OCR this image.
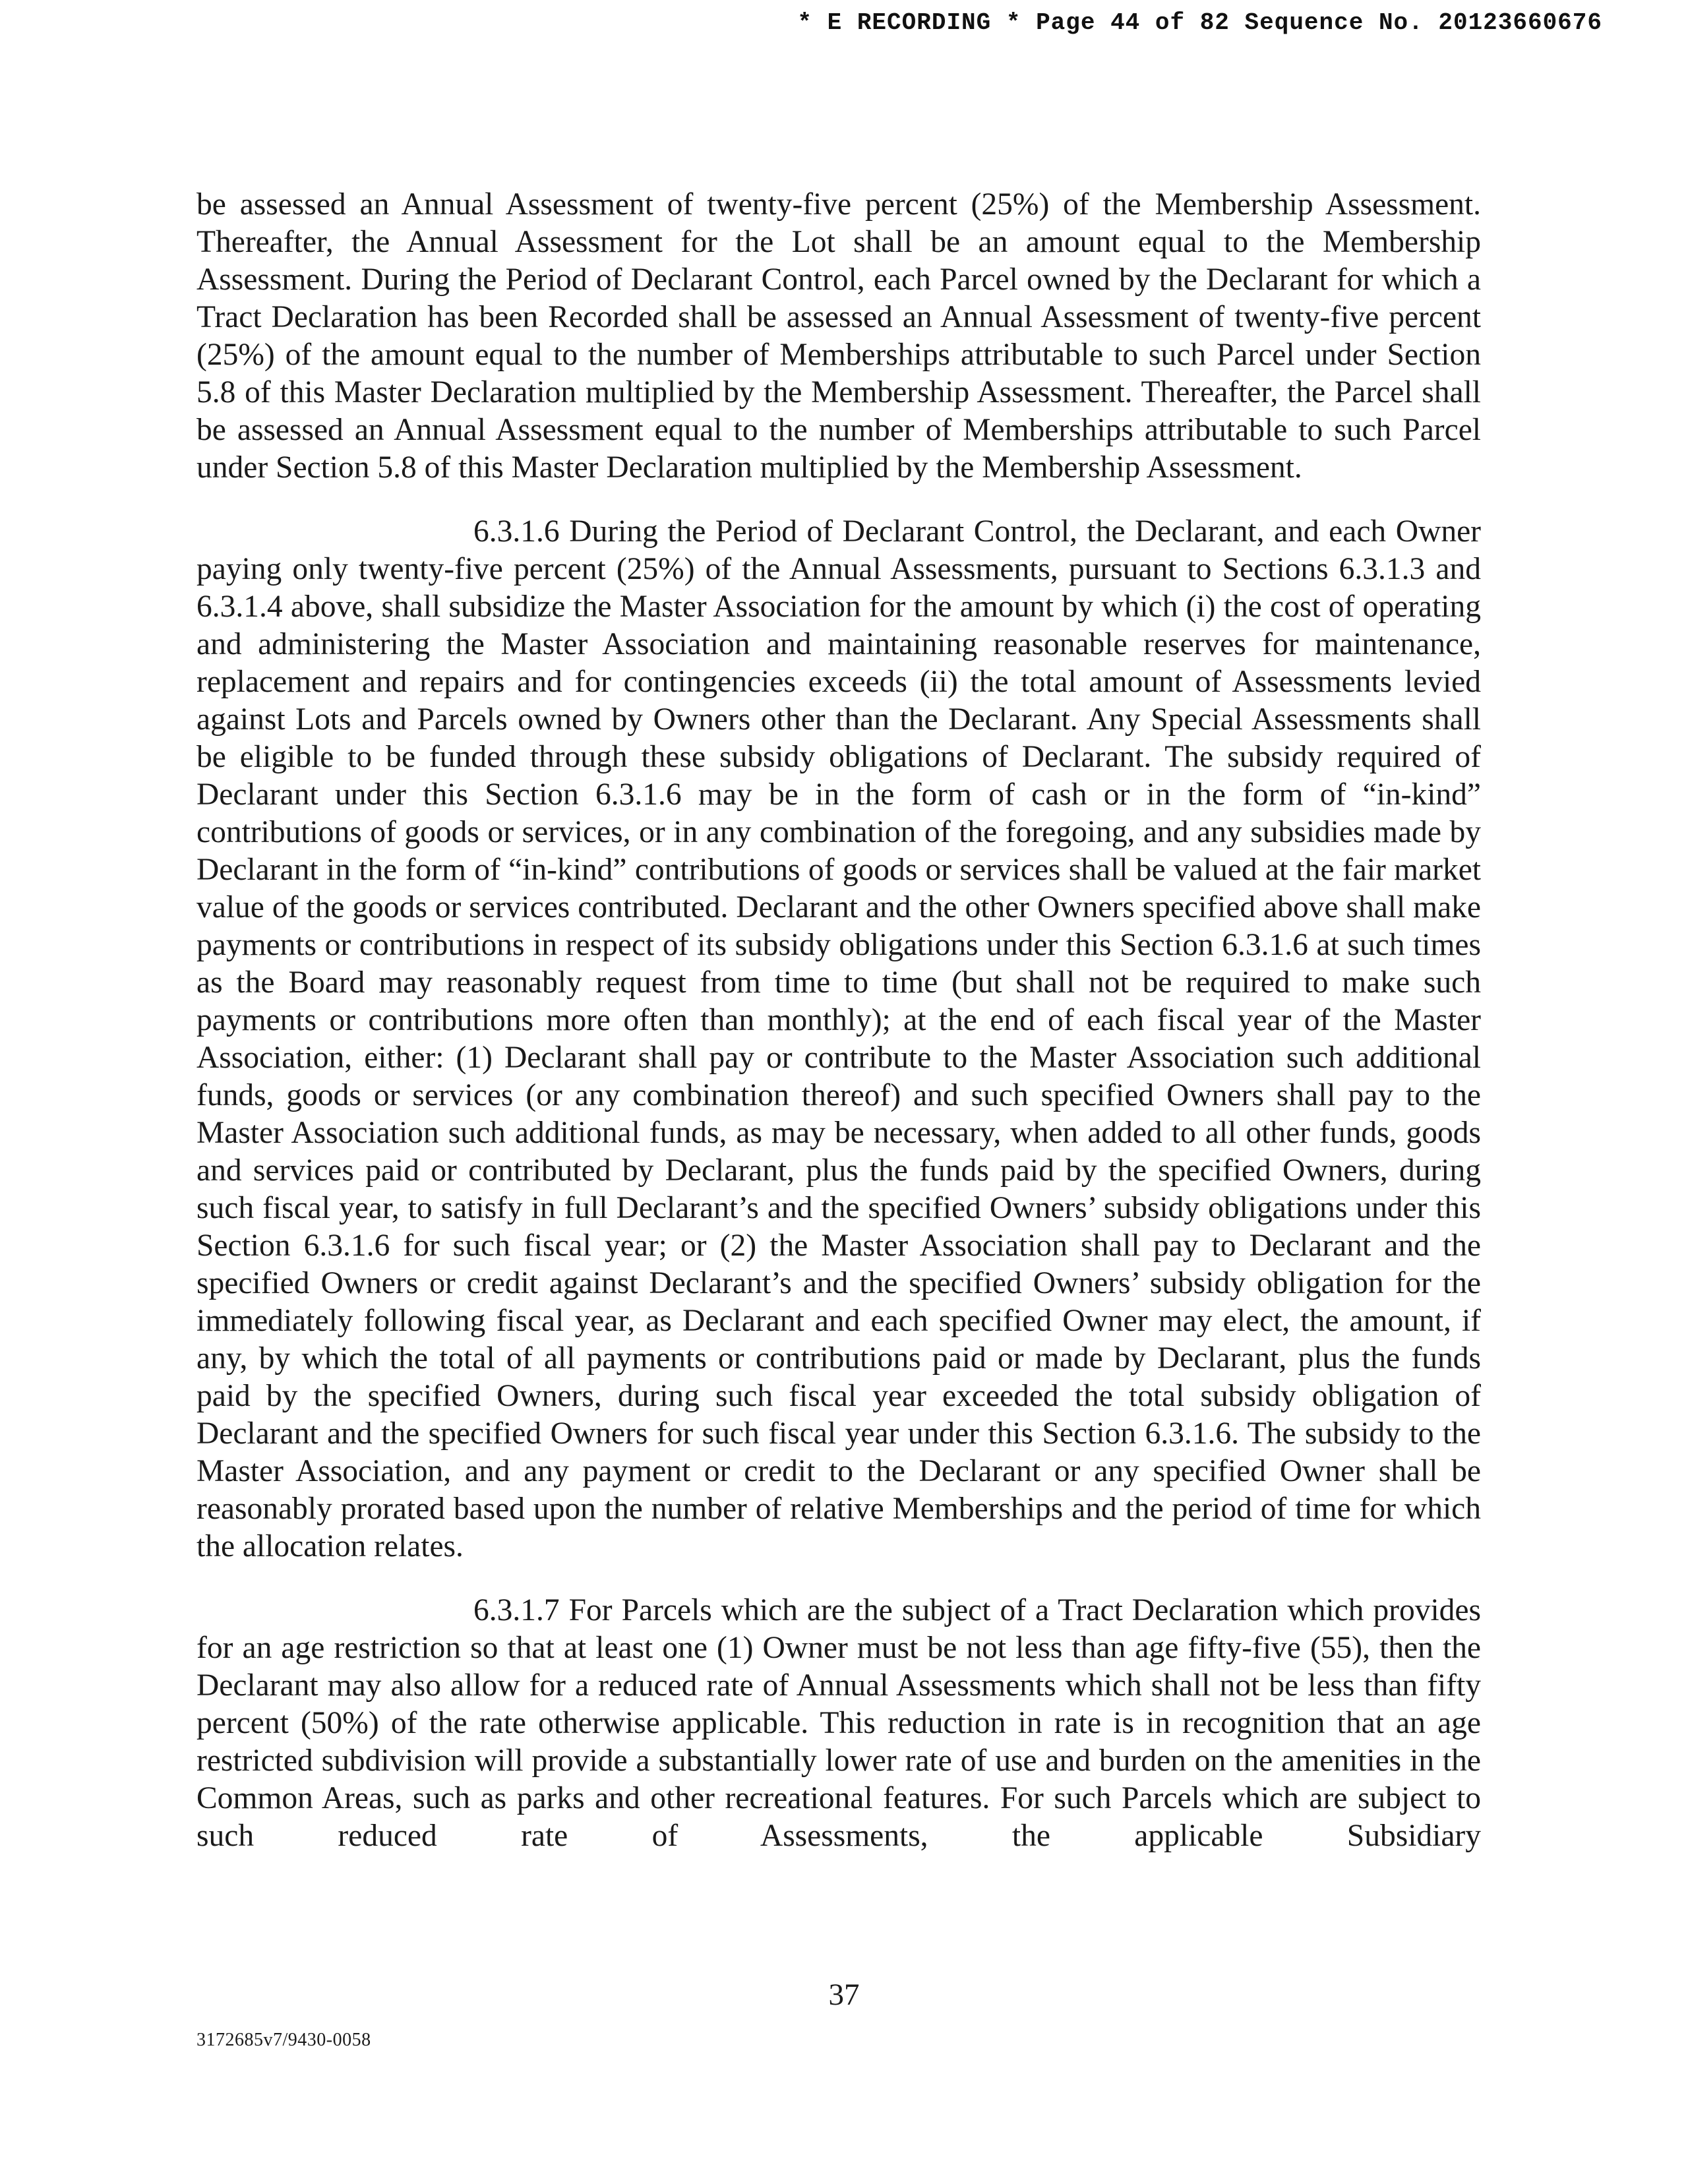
* E RECORDING * Page 44 of 82 Sequence No. 20123660676

be assessed an Annual Assessment of twenty-five percent (25%) of the Membership Assessment. Thereafter, the Annual Assessment for the Lot shall be an amount equal to the Membership Assessment. During the Period of Declarant Control, each Parcel owned by the Declarant for which a Tract Declaration has been Recorded shall be assessed an Annual Assessment of twenty-five percent (25%) of the amount equal to the number of Memberships attributable to such Parcel under Section 5.8 of this Master Declaration multiplied by the Membership Assessment. Thereafter, the Parcel shall be assessed an Annual Assessment equal to the number of Memberships attributable to such Parcel under Section 5.8 of this Master Declaration multiplied by the Membership Assessment.

6.3.1.6 During the Period of Declarant Control, the Declarant, and each Owner paying only twenty-five percent (25%) of the Annual Assessments, pursuant to Sections 6.3.1.3 and 6.3.1.4 above, shall subsidize the Master Association for the amount by which (i) the cost of operating and administering the Master Association and maintaining reasonable reserves for maintenance, replacement and repairs and for contingencies exceeds (ii) the total amount of Assessments levied against Lots and Parcels owned by Owners other than the Declarant. Any Special Assessments shall be eligible to be funded through these subsidy obligations of Declarant. The subsidy required of Declarant under this Section 6.3.1.6 may be in the form of cash or in the form of “in-kind” contributions of goods or services, or in any combination of the foregoing, and any subsidies made by Declarant in the form of “in-kind” contributions of goods or services shall be valued at the fair market value of the goods or services contributed. Declarant and the other Owners specified above shall make payments or contributions in respect of its subsidy obligations under this Section 6.3.1.6 at such times as the Board may reasonably request from time to time (but shall not be required to make such payments or contributions more often than monthly); at the end of each fiscal year of the Master Association, either: (1) Declarant shall pay or contribute to the Master Association such additional funds, goods or services (or any combination thereof) and such specified Owners shall pay to the Master Association such additional funds, as may be necessary, when added to all other funds, goods and services paid or contributed by Declarant, plus the funds paid by the specified Owners, during such fiscal year, to satisfy in full Declarant’s and the specified Owners’ subsidy obligations under this Section 6.3.1.6 for such fiscal year; or (2) the Master Association shall pay to Declarant and the specified Owners or credit against Declarant’s and the specified Owners’ subsidy obligation for the immediately following fiscal year, as Declarant and each specified Owner may elect, the amount, if any, by which the total of all payments or contributions paid or made by Declarant, plus the funds paid by the specified Owners, during such fiscal year exceeded the total subsidy obligation of Declarant and the specified Owners for such fiscal year under this Section 6.3.1.6. The subsidy to the Master Association, and any payment or credit to the Declarant or any specified Owner shall be reasonably prorated based upon the number of relative Memberships and the period of time for which the allocation relates.

6.3.1.7 For Parcels which are the subject of a Tract Declaration which provides for an age restriction so that at least one (1) Owner must be not less than age fifty-five (55), then the Declarant may also allow for a reduced rate of Annual Assessments which shall not be less than fifty percent (50%) of the rate otherwise applicable. This reduction in rate is in recognition that an age restricted subdivision will provide a substantially lower rate of use and burden on the amenities in the Common Areas, such as parks and other recreational features. For such Parcels which are subject to such reduced rate of Assessments, the applicable Subsidiary

37
3172685v7/9430-0058
